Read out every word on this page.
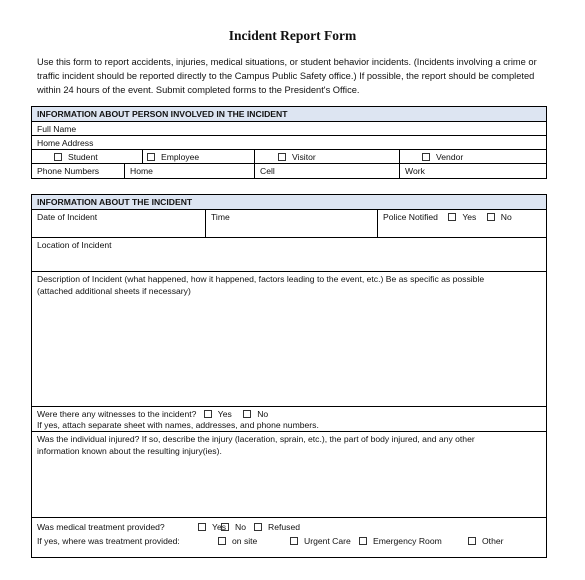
Incident Report Form
Use this form to report accidents, injuries, medical situations, or student behavior incidents. (Incidents involving a crime or
traffic incident should be reported directly to the Campus Public Safety office.) If possible, the report should be completed
within 24 hours of the event. Submit completed forms to the President's Office.
INFORMATION ABOUT PERSON INVOLVED IN THE INCIDENT
Full Name
Home Address
Student	Employee	Visitor	Vendor
Phone Numbers	Home	Cell	Work
INFORMATION ABOUT THE INCIDENT
Date of Incident	Time	Police Notified	Yes	No
Location of Incident
Description of Incident (what happened, how it happened, factors leading to the event, etc.) Be as specific as possible
(attached additional sheets if necessary)
Were there any witnesses to the incident? Yes	No
If yes, attach separate sheet with names, addresses, and phone numbers.
Was the individual injured? If so, describe the injury (laceration, sprain, etc.), the part of body injured, and any other
information known about the resulting injury(ies).
Was medical treatment provided?	Yes	No	Refused
If yes, where was treatment provided:	on site	Urgent Care	Emergency Room	Other
